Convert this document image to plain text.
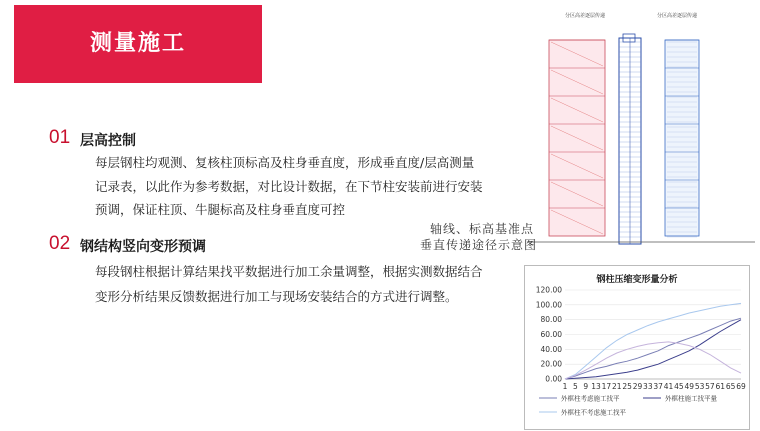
测量施工
01 层高控制
每层钢柱均观测、复核柱顶标高及柱身垂直度，形成垂直度/层高测量
记录表，以此作为参考数据，对比设计数据，在下节柱安装前进行安装
预调，保证柱顶、牛腿标高及柱身垂直度可控
02 钢结构竖向变形预调
每段钢柱根据计算结果找平数据进行加工余量调整，根据实测数据结合
变形分析结果反馈数据进行加工与现场安装结合的方式进行调整。
分区高差逐层传递	分区高差逐层传递
轴线、标高基准点
垂直传递途径示意图
钢柱压缩变形量分析
0.00
20.00
40.00
60.00
80.00
100.00
120.00
1 5 9 13 17 21 25 29 33 37 41 45 49 53 57 61 65 69
外框柱考虑施工找平	外框柱施工找平量
外框柱不考虑施工找平
